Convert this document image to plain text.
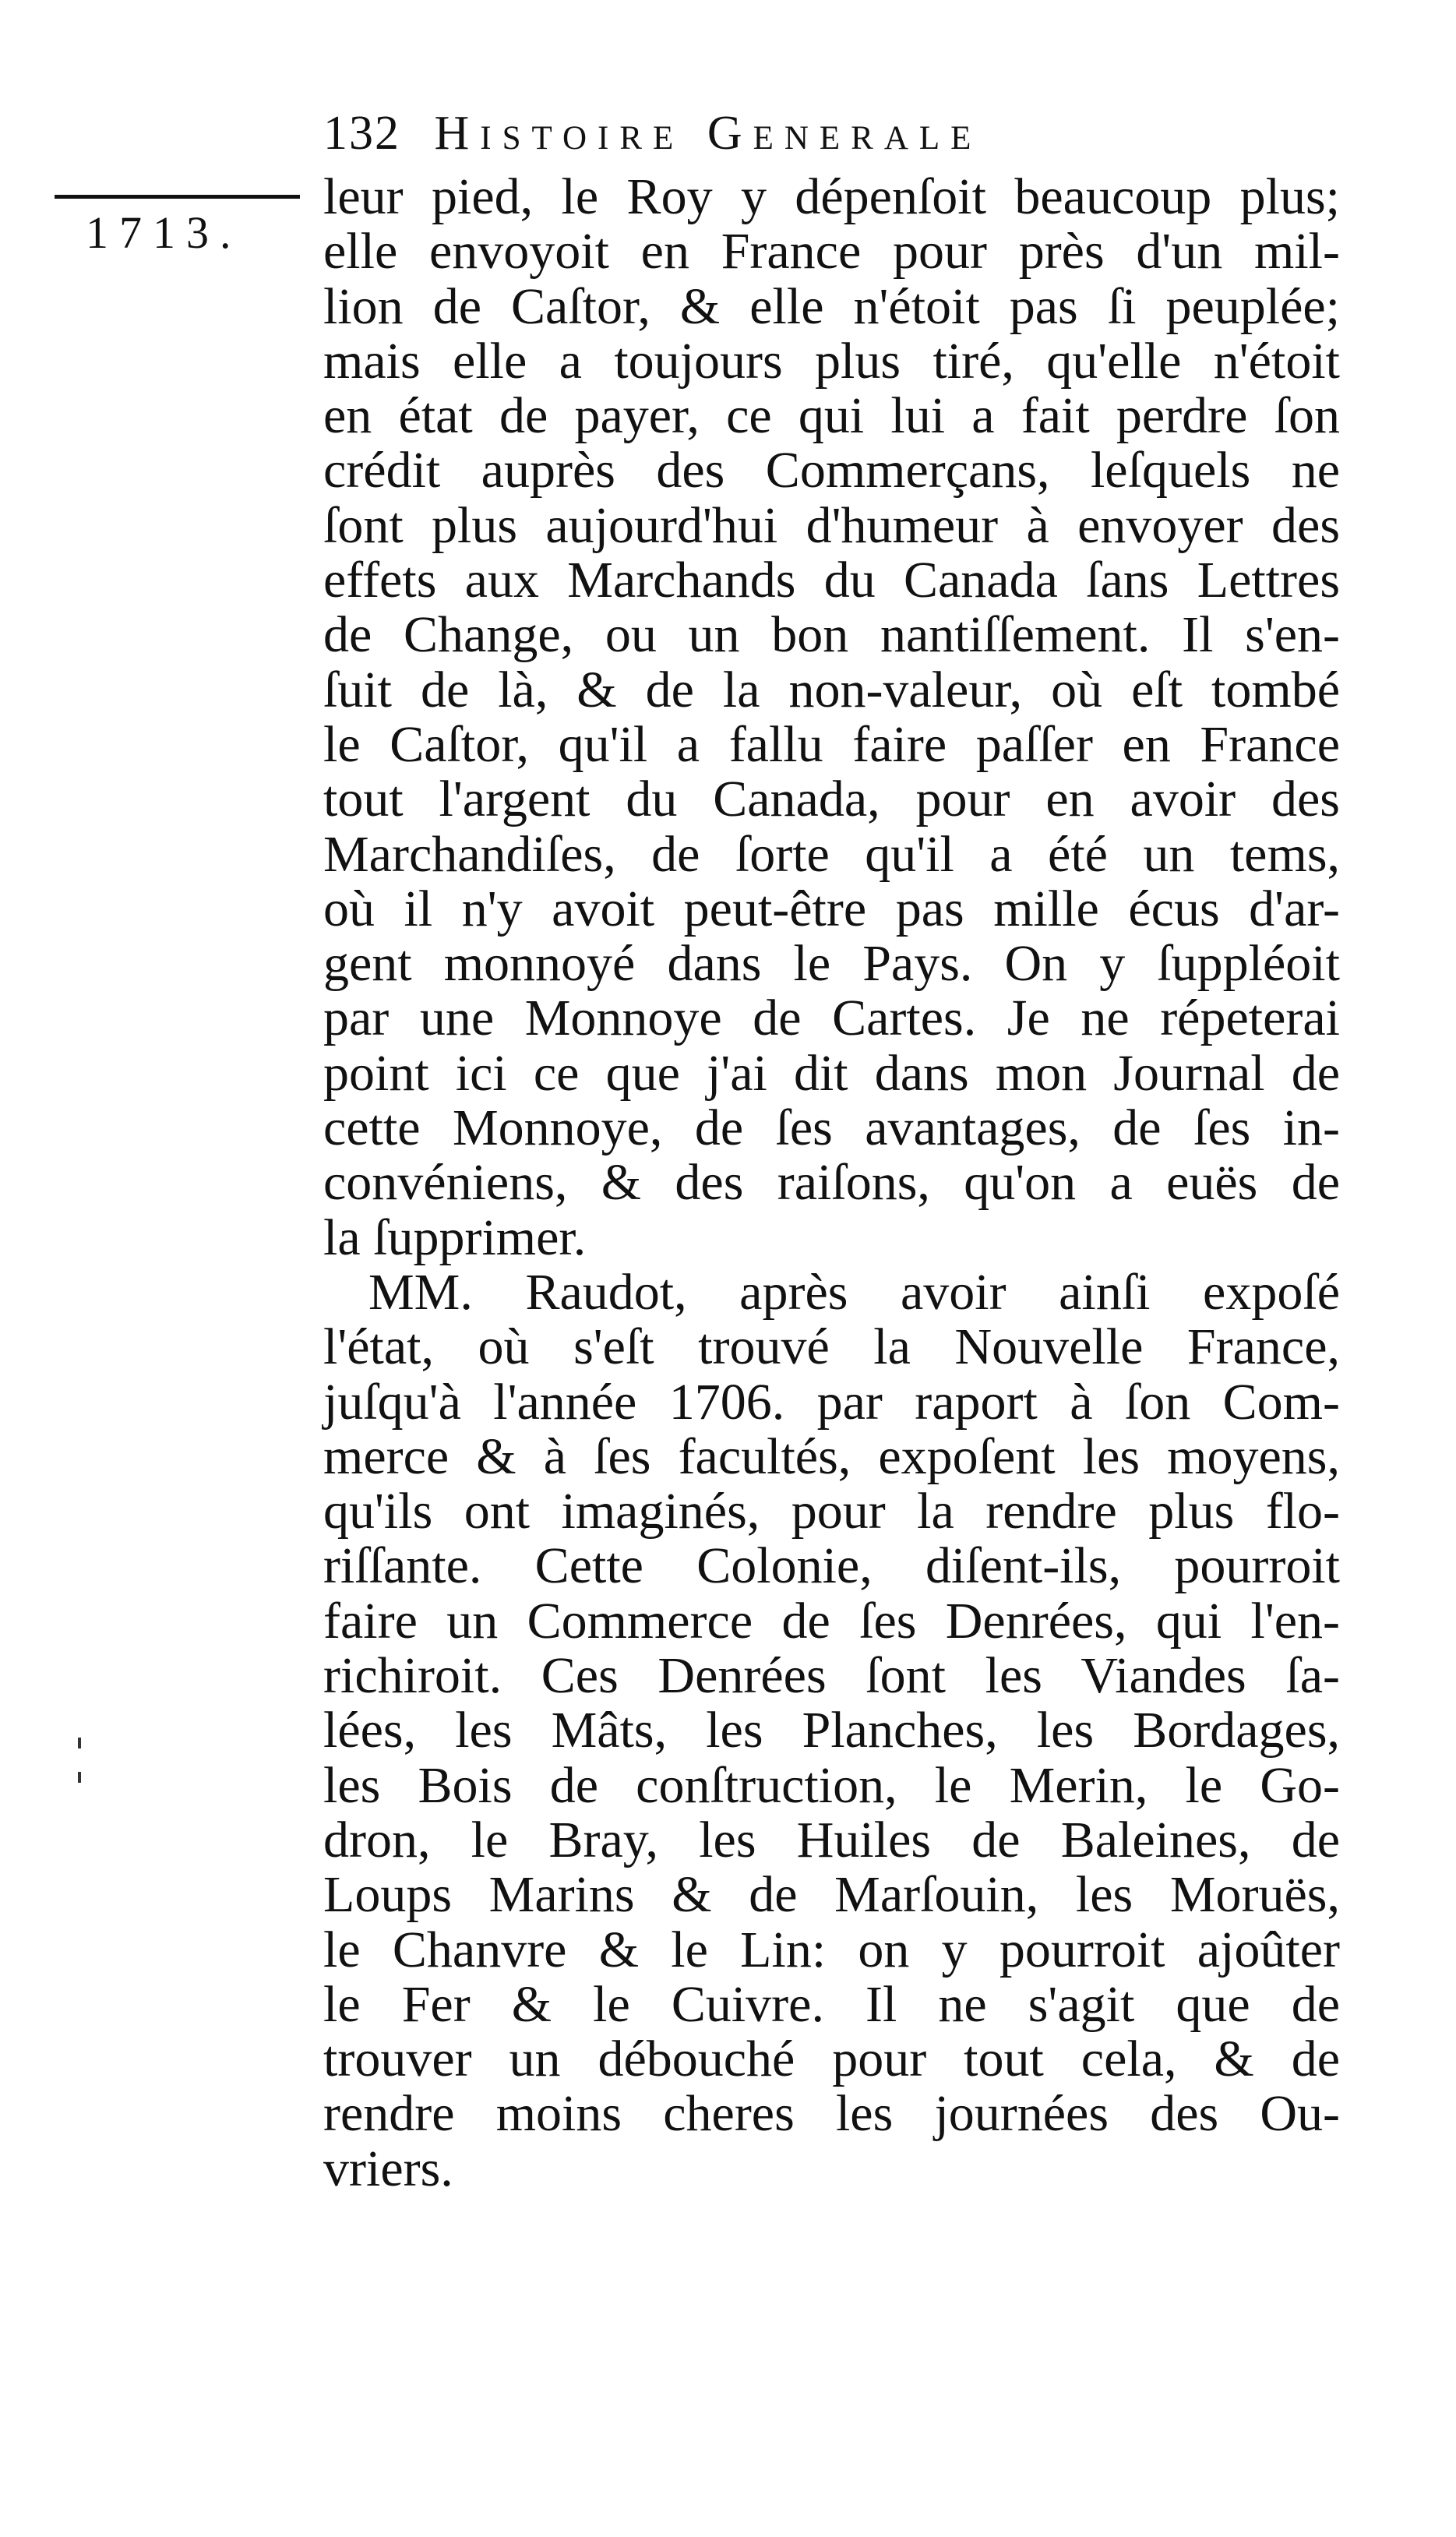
132 Histoire Generale
1713.
leur pied, le Roy y dépenſoit beaucoup plus;
elle envoyoit en France pour près d'un mil-
lion de Caſtor, & elle n'étoit pas ſi peuplée;
mais elle a toujours plus tiré, qu'elle n'étoit
en état de payer, ce qui lui a fait perdre ſon
crédit auprès des Commerçans, leſquels ne
ſont plus aujourd'hui d'humeur à envoyer des
effets aux Marchands du Canada ſans Lettres
de Change, ou un bon nantiſſement. Il s'en-
ſuit de là, & de la non-valeur, où eſt tombé
le Caſtor, qu'il a fallu faire paſſer en France
tout l'argent du Canada, pour en avoir des
Marchandiſes, de ſorte qu'il a été un tems,
où il n'y avoit peut-être pas mille écus d'ar-
gent monnoyé dans le Pays. On y ſuppléoit
par une Monnoye de Cartes. Je ne répeterai
point ici ce que j'ai dit dans mon Journal de
cette Monnoye, de ſes avantages, de ſes in-
convéniens, & des raiſons, qu'on a euës de
la ſupprimer.
MM. Raudot, après avoir ainſi expoſé
l'état, où s'eſt trouvé la Nouvelle France,
juſqu'à l'année 1706. par raport à ſon Com-
merce & à ſes facultés, expoſent les moyens,
qu'ils ont imaginés, pour la rendre plus flo-
riſſante. Cette Colonie, diſent-ils, pourroit
faire un Commerce de ſes Denrées, qui l'en-
richiroit. Ces Denrées ſont les Viandes ſa-
lées, les Mâts, les Planches, les Bordages,
les Bois de conſtruction, le Merin, le Go-
dron, le Bray, les Huiles de Baleines, de
Loups Marins & de Marſouin, les Moruës,
le Chanvre & le Lin: on y pourroit ajoûter
le Fer & le Cuivre. Il ne s'agit que de
trouver un débouché pour tout cela, & de
rendre moins cheres les journées des Ou-
vriers.
